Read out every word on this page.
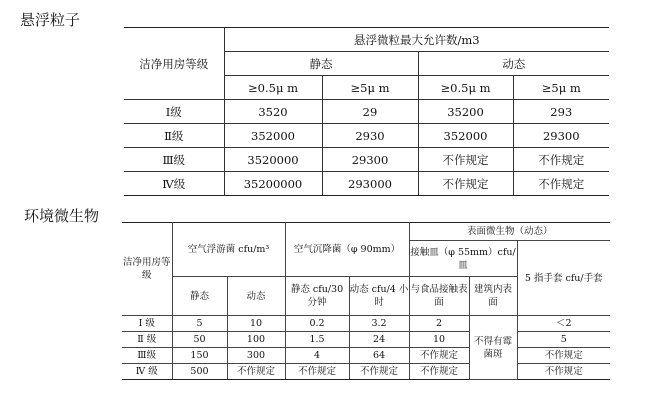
悬浮粒子
洁净用房等级	悬浮微粒最大允许数/m3			
	静态		动态	
	≥0.5μ m	≥5μ m	≥0.5μ m	≥5μ m
Ⅰ级	3520	29	35200	293
Ⅱ级	352000	2930	352000	29300
Ⅲ级	3520000	29300	不作规定	不作规定
Ⅳ级	35200000	293000	不作规定	不作规定
环境微生物
洁净用房等级	空气浮游菌 cfu/m³		空气沉降菌（φ 90mm）		表面微生物（动态）		
					接触皿（φ 55mm）cfu/皿		5 指手套 cfu/手套
	静态	动态	静态 cfu/30 分钟	动态 cfu/4 小时	与食品接触表面	建筑内表面	
Ⅰ 级	5	10	0.2	3.2	2	不得有霉菌斑	＜2
Ⅱ 级	50	100	1.5	24	10		5
Ⅲ级	150	300	4	64	不作规定		不作规定
Ⅳ 级	500	不作规定	不作规定	不作规定	不作规定		不作规定
